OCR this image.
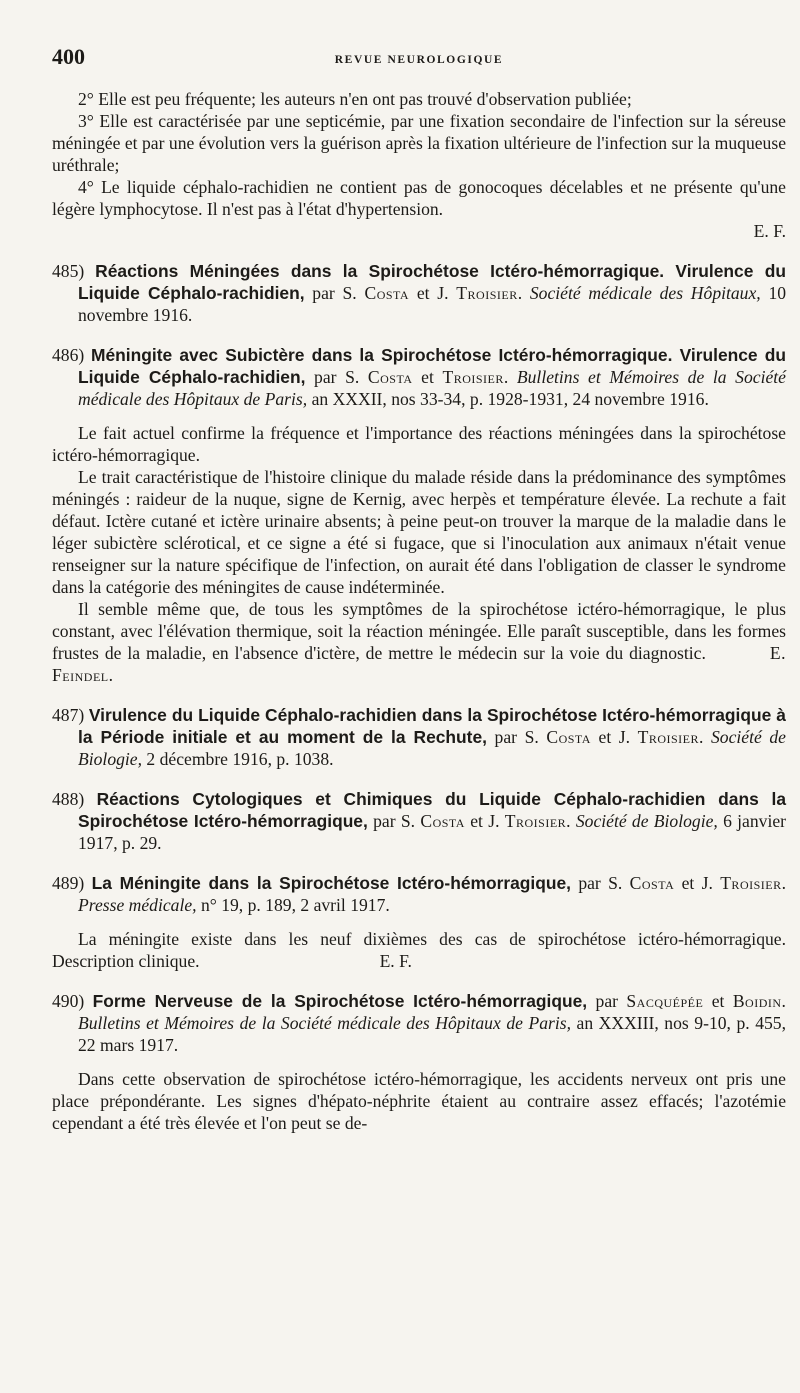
400	REVUE NEUROLOGIQUE

2° Elle est peu fréquente; les auteurs n'en ont pas trouvé d'observation publiée;

3° Elle est caractérisée par une septicémie, par une fixation secondaire de l'infection sur la séreuse méningée et par une évolution vers la guérison après la fixation ultérieure de l'infection sur la muqueuse uréthrale;

4° Le liquide céphalo-rachidien ne contient pas de gonocoques décelables et ne présente qu'une légère lymphocytose. Il n'est pas à l'état d'hypertension.

E. F.

485) Réactions Méningées dans la Spirochétose Ictéro-hémorragique. Virulence du Liquide Céphalo-rachidien, par S. Costa et J. Troisier. Société médicale des Hôpitaux, 10 novembre 1916.

486) Méningite avec Subictère dans la Spirochétose Ictéro-hémorragique. Virulence du Liquide Céphalo-rachidien, par S. Costa et Troisier. Bulletins et Mémoires de la Société médicale des Hôpitaux de Paris, an XXXII, nos 33-34, p. 1928-1931, 24 novembre 1916.

Le fait actuel confirme la fréquence et l'importance des réactions méningées dans la spirochétose ictéro-hémorragique.

Le trait caractéristique de l'histoire clinique du malade réside dans la prédominance des symptômes méningés : raideur de la nuque, signe de Kernig, avec herpès et température élevée. La rechute a fait défaut. Ictère cutané et ictère urinaire absents; à peine peut-on trouver la marque de la maladie dans le léger subictère sclérotical, et ce signe a été si fugace, que si l'inoculation aux animaux n'était venue renseigner sur la nature spécifique de l'infection, on aurait été dans l'obligation de classer le syndrome dans la catégorie des méningites de cause indéterminée.

Il semble même que, de tous les symptômes de la spirochétose ictéro-hémorragique, le plus constant, avec l'élévation thermique, soit la réaction méningée. Elle paraît susceptible, dans les formes frustes de la maladie, en l'absence d'ictère, de mettre le médecin sur la voie du diagnostic.	E. Feindel.

487) Virulence du Liquide Céphalo-rachidien dans la Spirochétose Ictéro-hémorragique à la Période initiale et au moment de la Rechute, par S. Costa et J. Troisier. Société de Biologie, 2 décembre 1916, p. 1038.

488) Réactions Cytologiques et Chimiques du Liquide Céphalo-rachidien dans la Spirochétose Ictéro-hémorragique, par S. Costa et J. Troisier. Société de Biologie, 6 janvier 1917, p. 29.

489) La Méningite dans la Spirochétose Ictéro-hémorragique, par S. Costa et J. Troisier. Presse médicale, n° 19, p. 189, 2 avril 1917.

La méningite existe dans les neuf dixièmes des cas de spirochétose ictéro-hémorragique. Description clinique.	E. F.

490) Forme Nerveuse de la Spirochétose Ictéro-hémorragique, par Sacquépée et Boidin. Bulletins et Mémoires de la Société médicale des Hôpitaux de Paris, an XXXIII, nos 9-10, p. 455, 22 mars 1917.

Dans cette observation de spirochétose ictéro-hémorragique, les accidents nerveux ont pris une place prépondérante. Les signes d'hépato-néphrite étaient au contraire assez effacés; l'azotémie cependant a été très élevée et l'on peut se de-
